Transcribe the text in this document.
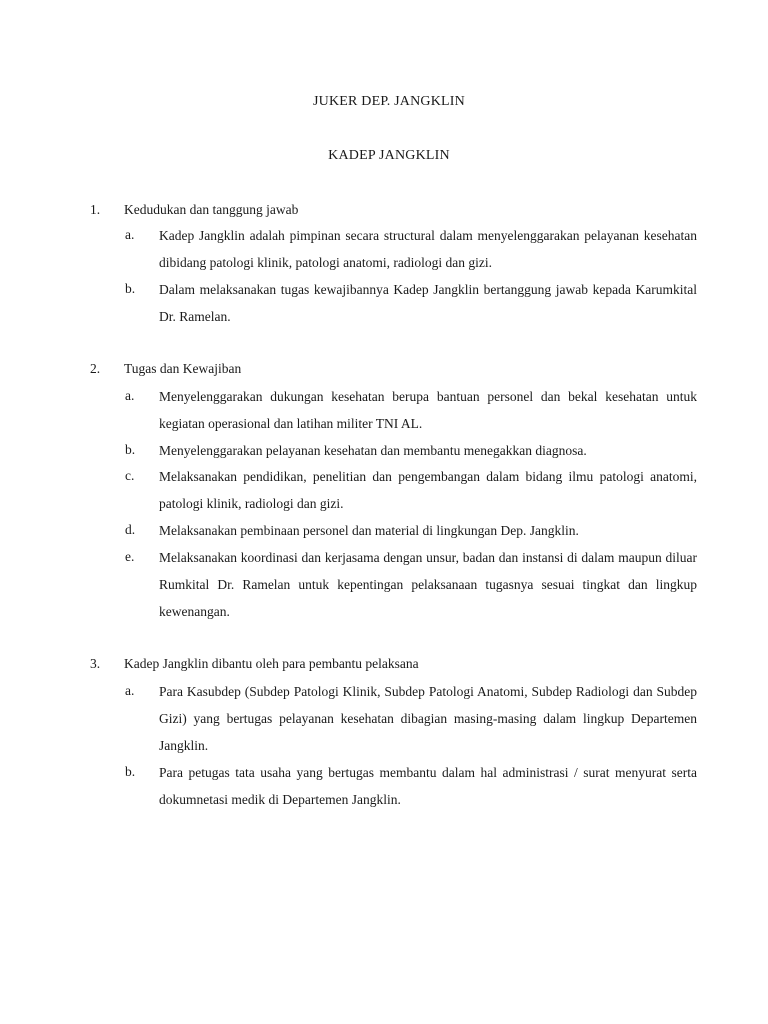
JUKER DEP. JANGKLIN
KADEP JANGKLIN
1. Kedudukan dan tanggung jawab
a. Kadep Jangklin adalah pimpinan secara structural dalam menyelenggarakan pelayanan kesehatan dibidang patologi klinik, patologi anatomi, radiologi dan gizi.
b. Dalam melaksanakan tugas kewajibannya Kadep Jangklin bertanggung jawab kepada Karumkital Dr. Ramelan.
2. Tugas dan Kewajiban
a. Menyelenggarakan dukungan kesehatan berupa bantuan personel dan bekal kesehatan untuk kegiatan operasional dan latihan militer TNI AL.
b. Menyelenggarakan pelayanan kesehatan dan membantu menegakkan diagnosa.
c. Melaksanakan pendidikan, penelitian dan pengembangan dalam bidang ilmu patologi anatomi, patologi klinik, radiologi dan gizi.
d. Melaksanakan pembinaan personel dan material di lingkungan Dep. Jangklin.
e. Melaksanakan koordinasi dan kerjasama dengan unsur, badan dan instansi di dalam maupun diluar Rumkital Dr. Ramelan untuk kepentingan pelaksanaan tugasnya sesuai tingkat dan lingkup kewenangan.
3. Kadep Jangklin dibantu oleh para pembantu pelaksana
a. Para Kasubdep (Subdep Patologi Klinik, Subdep Patologi Anatomi, Subdep Radiologi dan Subdep Gizi) yang bertugas pelayanan kesehatan dibagian masing-masing dalam lingkup Departemen Jangklin.
b. Para petugas tata usaha yang bertugas membantu dalam hal administrasi / surat menyurat serta dokumnetasi medik di Departemen Jangklin.
